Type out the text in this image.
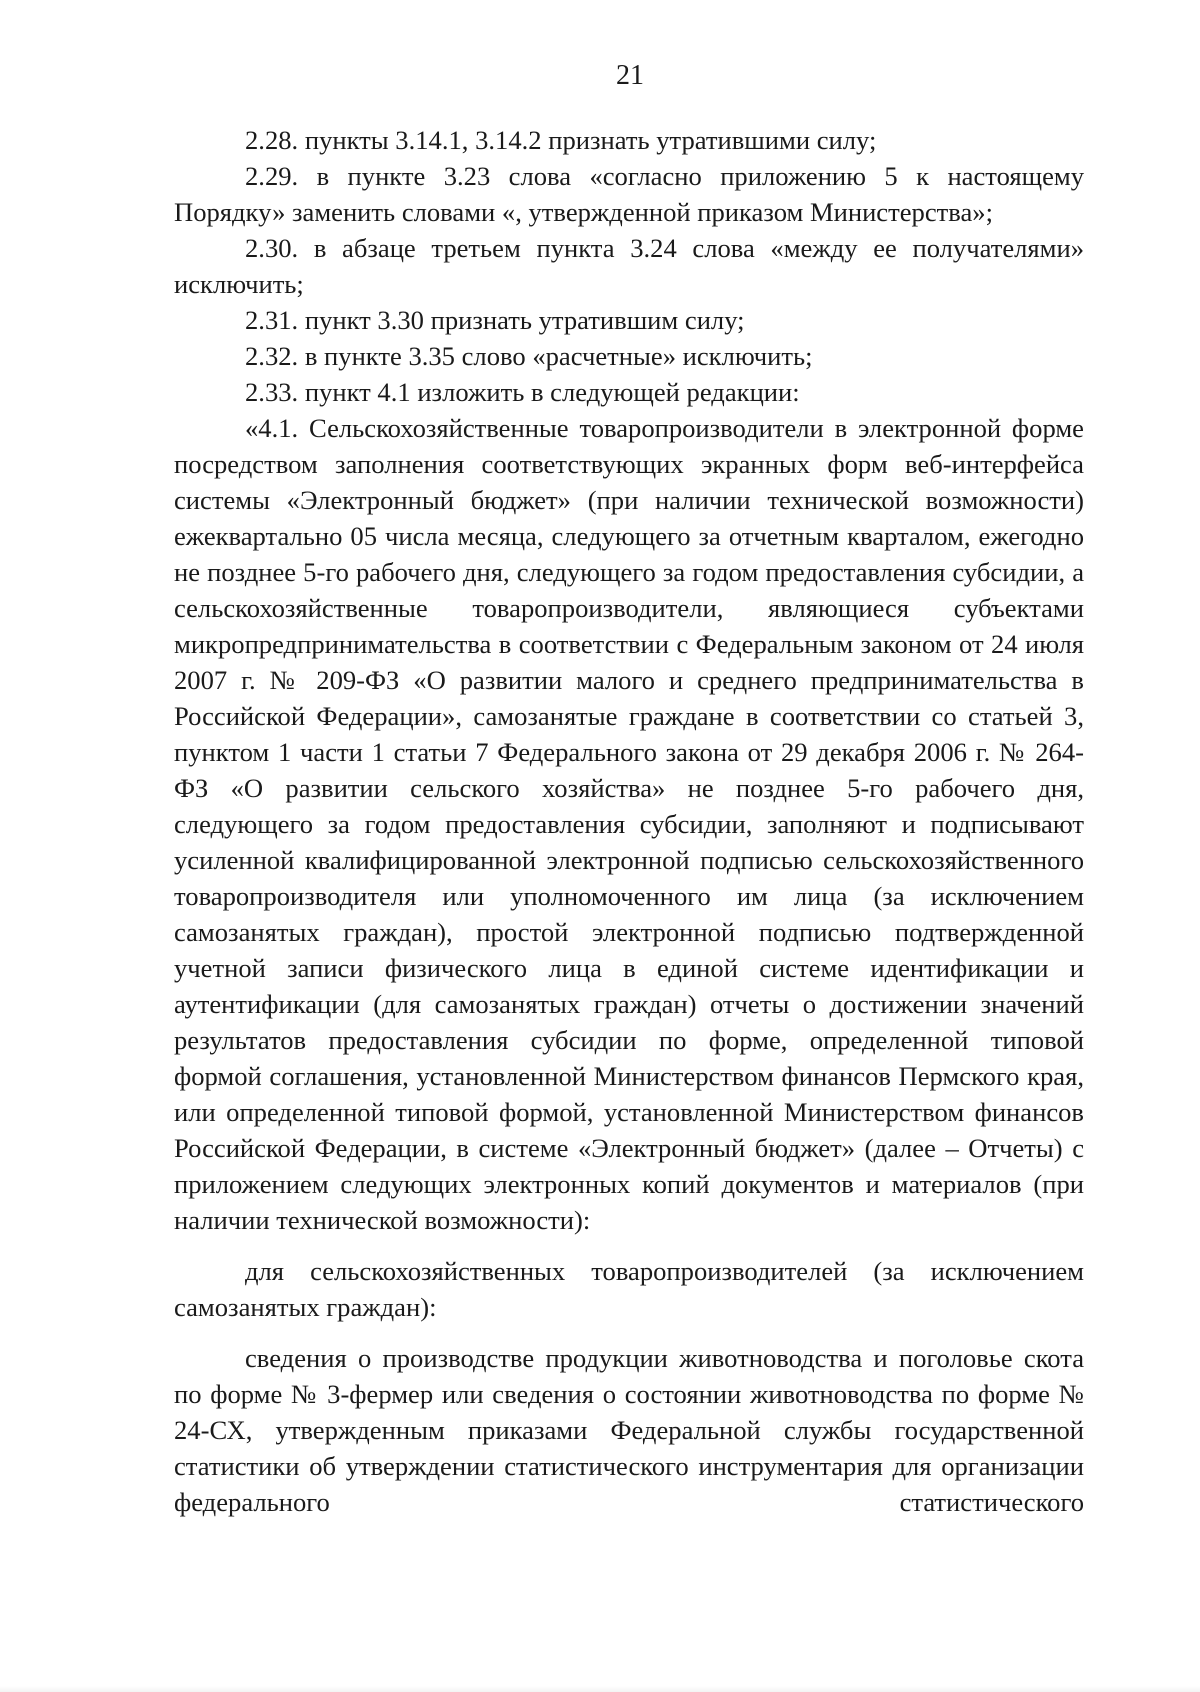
21

2.28. пункты 3.14.1, 3.14.2 признать утратившими силу;

2.29. в пункте 3.23 слова «согласно приложению 5 к настоящему Порядку» заменить словами «, утвержденной приказом Министерства»;

2.30. в абзаце третьем пункта 3.24 слова «между ее получателями» исключить;

2.31. пункт 3.30 признать утратившим силу;

2.32. в пункте 3.35 слово «расчетные» исключить;

2.33. пункт 4.1 изложить в следующей редакции:

«4.1. Сельскохозяйственные товаропроизводители в электронной форме посредством заполнения соответствующих экранных форм веб-интерфейса системы «Электронный бюджет» (при наличии технической возможности) ежеквартально 05 числа месяца, следующего за отчетным кварталом, ежегодно не позднее 5-го рабочего дня, следующего за годом предоставления субсидии, а сельскохозяйственные товаропроизводители, являющиеся субъектами микропредпринимательства в соответствии с Федеральным законом от 24 июля 2007 г. № 209-ФЗ «О развитии малого и среднего предпринимательства в Российской Федерации», самозанятые граждане в соответствии со статьей 3, пунктом 1 части 1 статьи 7 Федерального закона от 29 декабря 2006 г. № 264-ФЗ «О развитии сельского хозяйства» не позднее 5-го рабочего дня, следующего за годом предоставления субсидии, заполняют и подписывают усиленной квалифицированной электронной подписью сельскохозяйственного товаропроизводителя или уполномоченного им лица (за исключением самозанятых граждан), простой электронной подписью подтвержденной учетной записи физического лица в единой системе идентификации и аутентификации (для самозанятых граждан) отчеты о достижении значений результатов предоставления субсидии по форме, определенной типовой формой соглашения, установленной Министерством финансов Пермского края, или определенной типовой формой, установленной Министерством финансов Российской Федерации, в системе «Электронный бюджет» (далее – Отчеты) с приложением следующих электронных копий документов и материалов (при наличии технической возможности):

для сельскохозяйственных товаропроизводителей (за исключением самозанятых граждан):

сведения о производстве продукции животноводства и поголовье скота по форме № 3-фермер или сведения о состоянии животноводства по форме № 24-СХ, утвержденным приказами Федеральной службы государственной статистики об утверждении статистического инструментария для организации федерального статистического
